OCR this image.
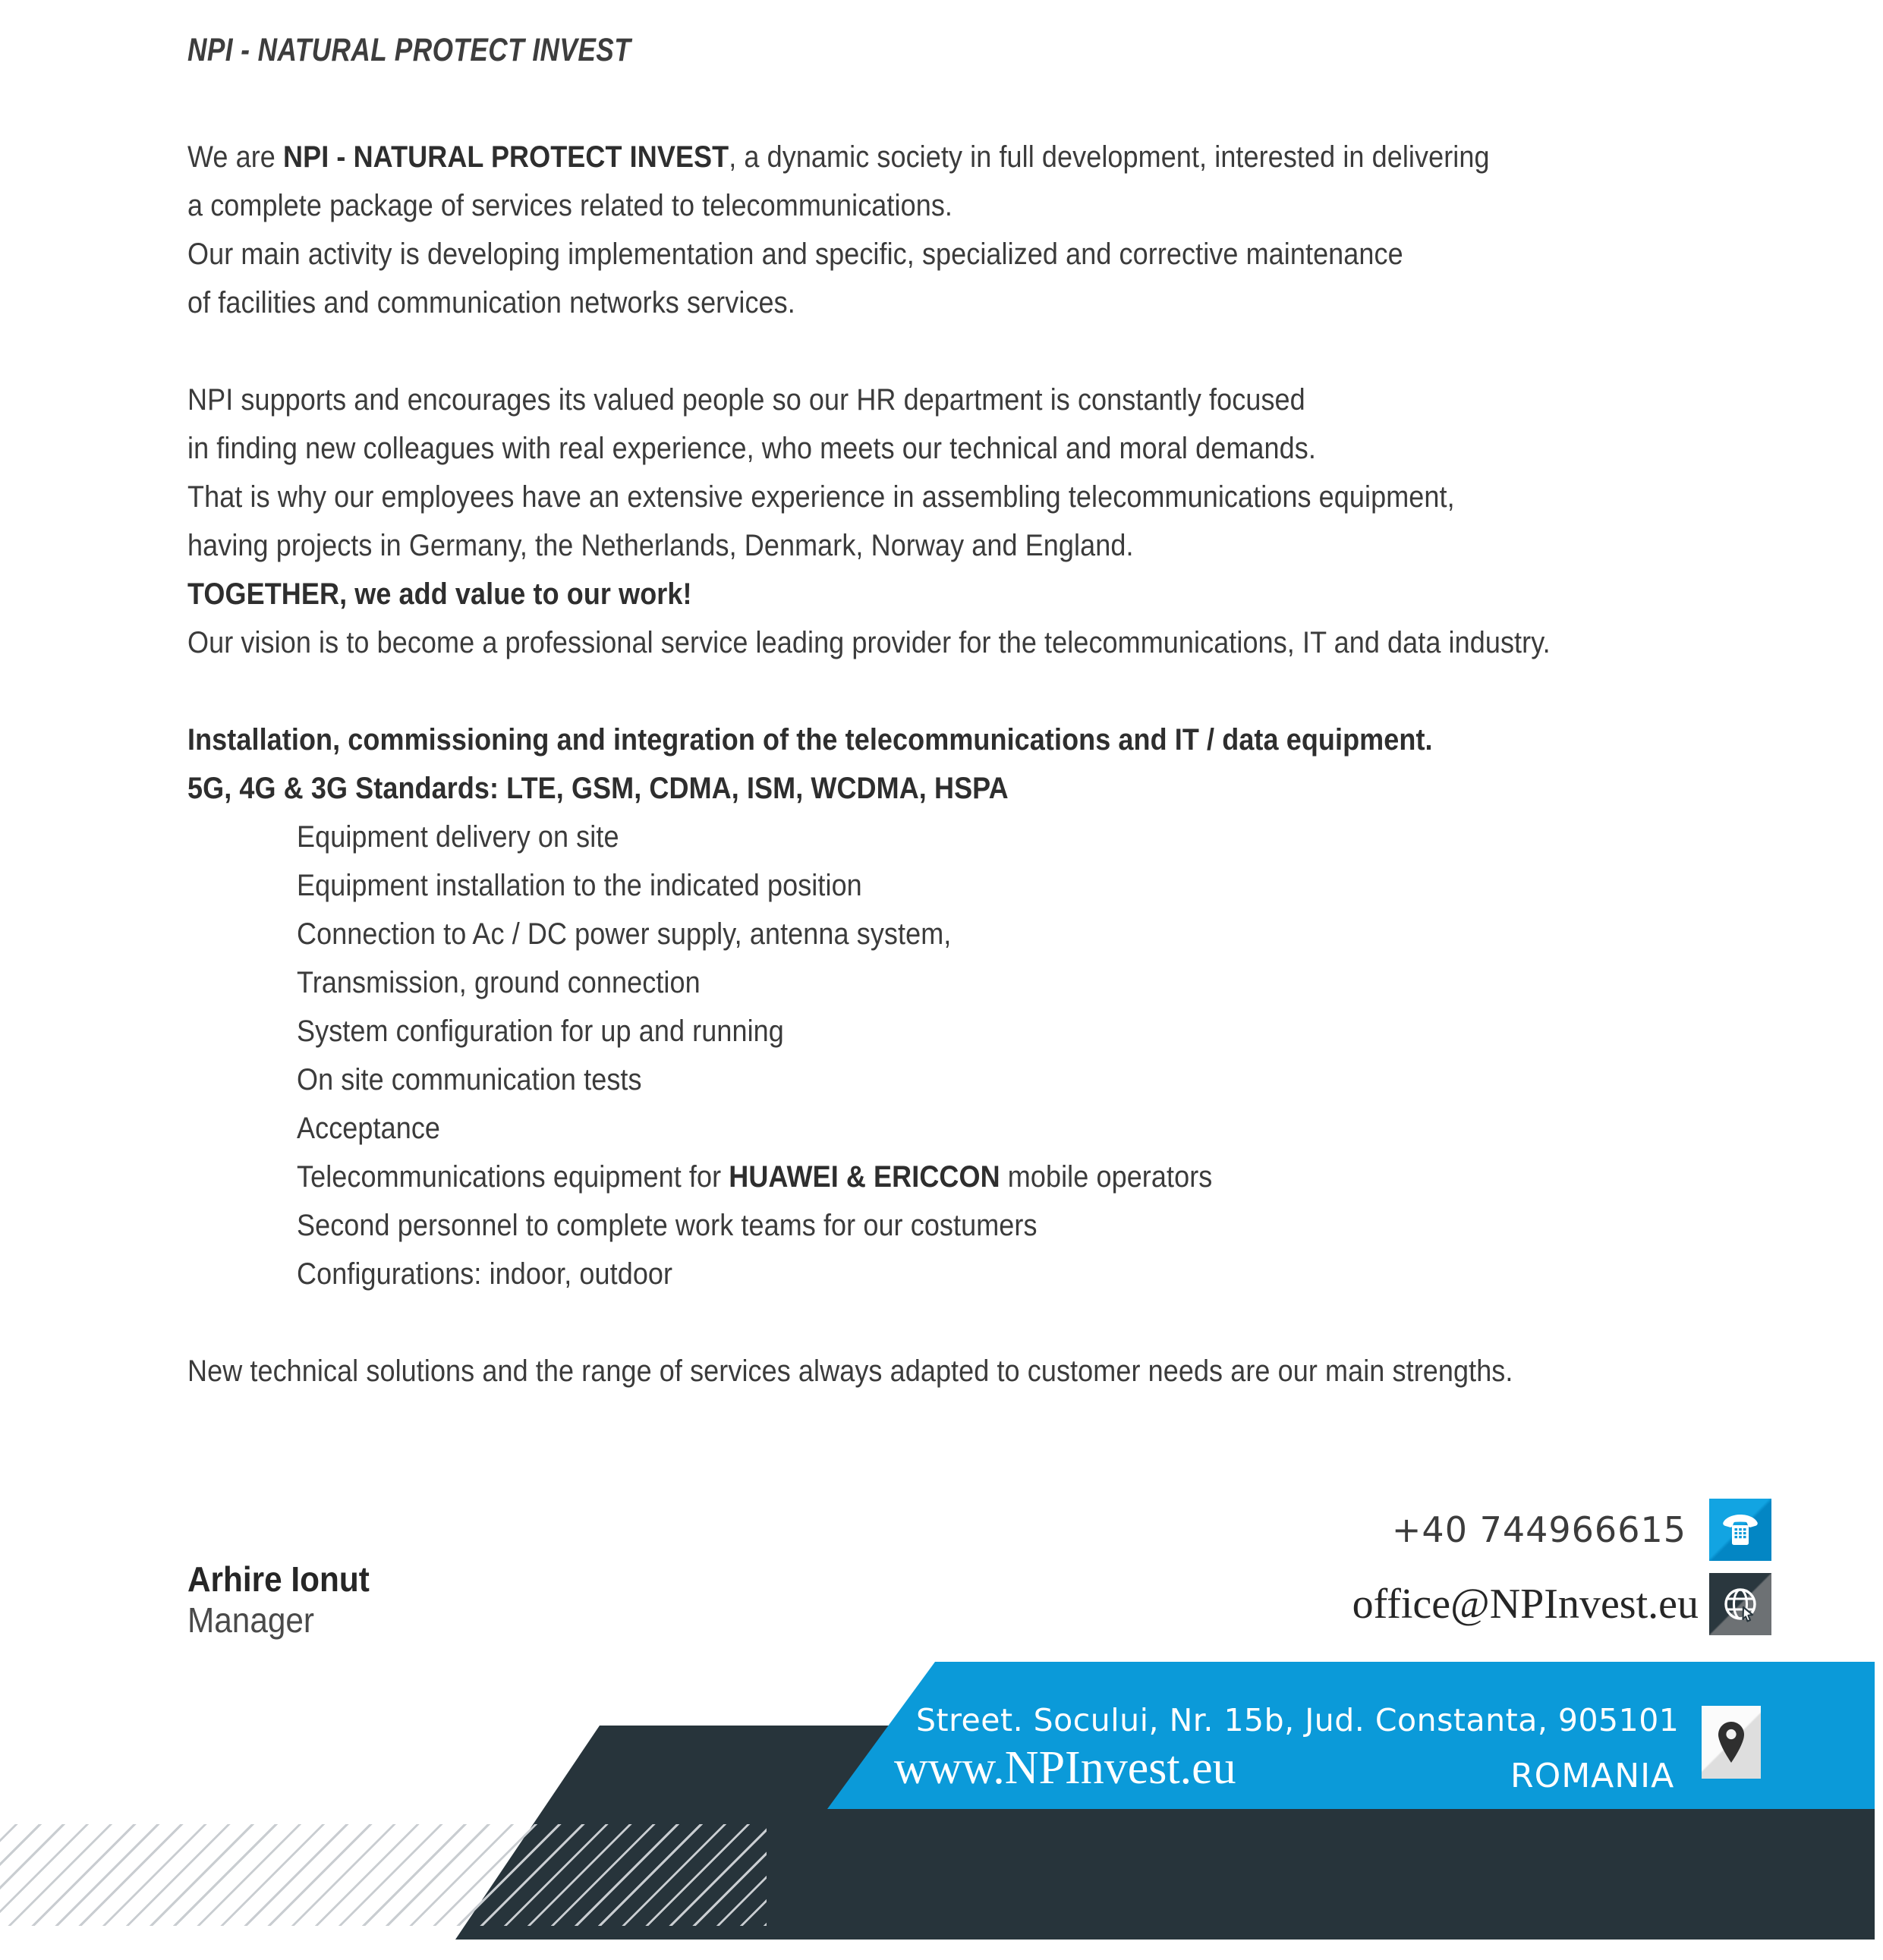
NPI - NATURAL PROTECT INVEST
We are NPI - NATURAL PROTECT INVEST, a dynamic society in full development, interested in delivering
a complete package of services related to telecommunications.
Our main activity is developing implementation and specific, specialized and corrective maintenance
of facilities and communication networks services.
NPI supports and encourages its valued people so our HR department is constantly focused
in finding new colleagues with real experience, who meets our technical and moral demands.
That is why our employees have an extensive experience in assembling telecommunications equipment,
having projects in Germany, the Netherlands, Denmark, Norway and England.
TOGETHER, we add value to our work!
Our vision is to become a professional service leading provider for the telecommunications, IT and data industry.
Installation, commissioning and integration of the telecommunications and IT / data equipment.
5G, 4G & 3G Standards: LTE, GSM, CDMA, ISM, WCDMA, HSPA
Equipment delivery on site
Equipment installation to the indicated position
Connection to Ac / DC power supply, antenna system,
Transmission, ground connection
System configuration for up and running
On site communication tests
Acceptance
Telecommunications equipment for HUAWEI & ERICCON mobile operators
Second personnel to complete work teams for our costumers
Configurations: indoor, outdoor
New technical solutions and the range of services always adapted to customer needs are our main strengths.
+40 744966615
office@NPInvest.eu
Arhire Ionut
Manager
Street. Socului, Nr. 15b, Jud. Constanta, 905101
www.NPInvest.eu	ROMANIA
